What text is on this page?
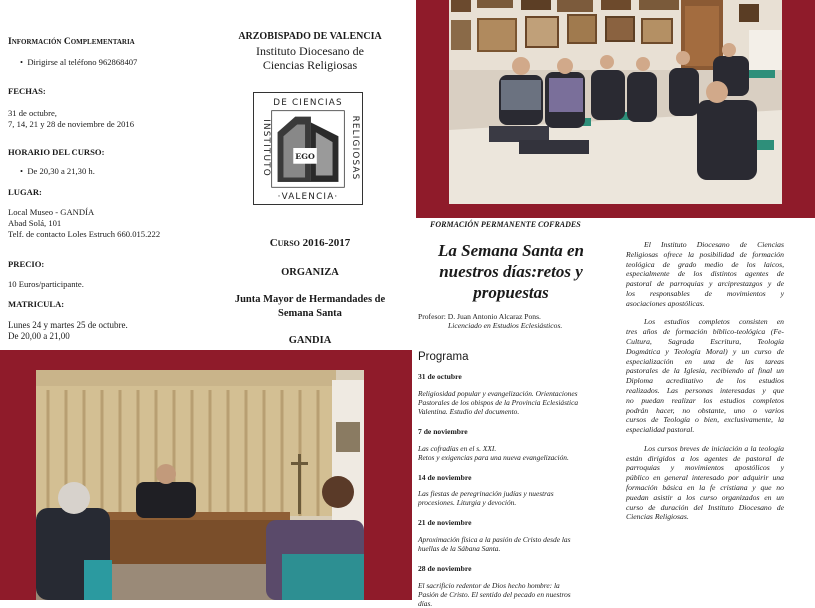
Información Complementaria
•  Dirigirse al teléfono 962868407
FECHAS:
31 de octubre,
7, 14, 21 y 28 de noviembre de 2016
HORARIO DEL CURSO:
•  De 20,30 a 21,30 h.
LUGAR:
Local Museo - GANDÍA
Abad Solá, 101
Telf. de contacto Loles Estruch 660.015.222
PRECIO:
10 Euros/participante.
MATRICULA:
Lunes 24 y martes 25 de octubre.
De 20,00 a 21,00
ARZOBISPADO DE VALENCIA
Instituto Diocesano de
Ciencias Religiosas
DE CIENCIAS
·VALENCIA·
INSTITUTO	RELIGIOSAS
EGO
Curso 2016-2017
ORGANIZA
Junta Mayor de Hermandades de
Semana Santa
GANDIA
FORMACIÓN PERMANENTE COFRADES
La Semana Santa en
nuestros días:retos y
propuestas
Profesor: D. Juan Antonio Alcaraz Pons.
Licenciado en Estudios Eclesiásticos.
Programa
31 de octubre
Religiosidad popular y evangelización. Orientaciones
Pastorales de los obispos de la Provincia Eclesiástica
Valentina. Estudio del documento.
7 de noviembre
Las cofradías en el s. XXI.
Retos y exigencias para una nueva evangelización.
14 de noviembre
Las fiestas de peregrinación judías y nuestras
procesiones. Liturgia y devoción.
21 de noviembre
Aproximación física a la pasión de Cristo desde las
huellas de la Sábana Santa.
28 de noviembre
El sacrificio redentor de Dios hecho hombre: la
Pasión de Cristo. El sentido del pecado en nuestros
días.
El Instituto Diocesano de Ciencias
Religiosas ofrece la posibilidad de formación
teológica de grado medio de los laicos,
especialmente de los distintos agentes de
pastoral de parroquias y arciprestazgos y de
los responsables de movimientos y
asociaciones apostólicas.
Los estudios completos consisten en
tres años de formación bíblico-teológica (Fe-
Cultura, Sagrada Escritura, Teología
Dogmática y Teología Moral) y un curso de
especialización en una de las tareas
pastorales de la Iglesia, recibiendo al final un
Diploma acreditativo de los estudios
realizados. Las personas interesadas y que
no puedan realizar los estudios completos
podrán hacer, no obstante, uno o varios
cursos de Teología o bien, exclusivamente, la
especialidad pastoral.
Los cursos breves de iniciación a la teología
están dirigidos a los agentes de pastoral de
parroquias y movimientos apostólicos y
público en general interesado por adquirir una
formación básica en la fe cristiana y que no
puedan asistir a los curso organizados en un
curso de duración del Instituto Diocesano de
Ciencias Religiosas.
